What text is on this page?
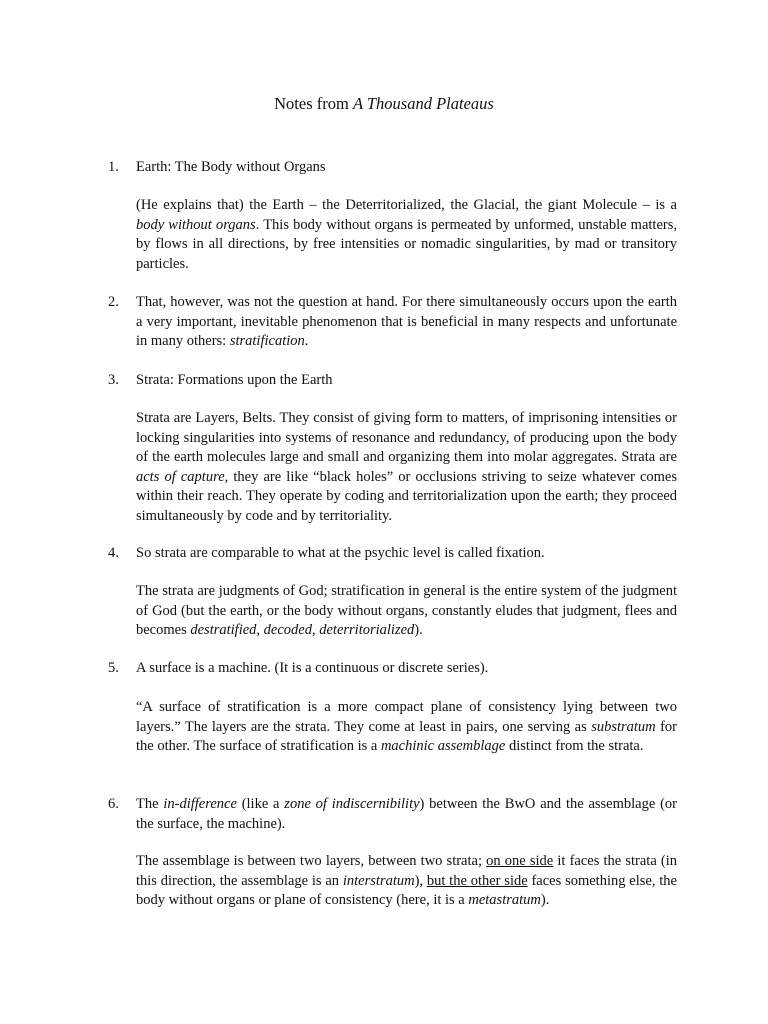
Notes from A Thousand Plateaus
1.	Earth: The Body without Organs

(He explains that) the Earth – the Deterritorialized, the Glacial, the giant Molecule – is a body without organs. This body without organs is permeated by unformed, unstable matters, by flows in all directions, by free intensities or nomadic singularities, by mad or transitory particles.

2.	That, however, was not the question at hand. For there simultaneously occurs upon the earth a very important, inevitable phenomenon that is beneficial in many respects and unfortunate in many others: stratification.

3.	Strata: Formations upon the Earth

Strata are Layers, Belts. They consist of giving form to matters, of imprisoning intensities or locking singularities into systems of resonance and redundancy, of producing upon the body of the earth molecules large and small and organizing them into molar aggregates. Strata are acts of capture, they are like “black holes” or occlusions striving to seize whatever comes within their reach. They operate by coding and territorialization upon the earth; they proceed simultaneously by code and by territoriality.

4.	So strata are comparable to what at the psychic level is called fixation.

The strata are judgments of God; stratification in general is the entire system of the judgment of God (but the earth, or the body without organs, constantly eludes that judgment, flees and becomes destratified, decoded, deterritorialized).

5.	A surface is a machine. (It is a continuous or discrete series).

“A surface of stratification is a more compact plane of consistency lying between two layers.” The layers are the strata. They come at least in pairs, one serving as substratum for the other. The surface of stratification is a machinic assemblage distinct from the strata.

6.	The in-difference (like a zone of indiscernibility) between the BwO and the assemblage (or the surface, the machine).

The assemblage is between two layers, between two strata; on one side it faces the strata (in this direction, the assemblage is an interstratum), but the other side faces something else, the body without organs or plane of consistency (here, it is a metastratum).
